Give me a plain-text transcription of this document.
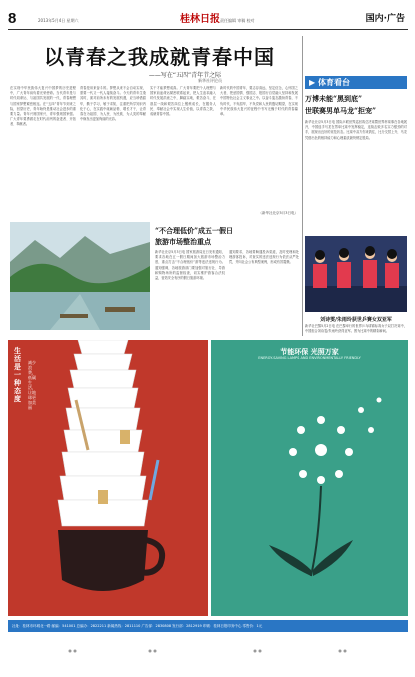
8	2013年5月4日 星期六	桂林日报 责任编辑 审稿 校对	国内·广告
以青春之我成就青春中国
——写在“五四”青年节之际
新华社评论员
在实现中华民族伟大复兴中国梦的历史进程中，广大青年肩负着光荣使命。当代青年是与时代同命运、与祖国共发展的一代，青春理想与国家梦想紧密相连。在“五四”青年节到来之际，回望历史，青年始终是推动社会进步的重要力量。青年兴则国家兴，青年强则国家强。广大青年要勇做走在时代前列的奋进者、开拓者、奉献者。
青春是用来奋斗的。梦想从来不会自动实现，需要一代又一代人接续奋斗。今天的青年生逢其时，面对前所未有的发展机遇，应当珍惜韶华，勤于学习，敏于求知，注重把所学知识内化于心，在实践中砥砺品格、增长才干，让青春在为祖国、为人民、为民族、为人类的奉献中焕发出更加绚丽的光彩。
实干才能梦想成真。广大青年要把个人理想与国家前途命运紧密联系起来，把人生追求融入时代发展洪流之中，脚踏实地，艰苦奋斗，在基层一线和艰苦岗位上锻炼成长，在服务人民、奉献社会中实现人生价值，以青春之我，成就青春中国。
新时代的中国青年，要志存高远，坚定信念，心怀国之大者，把爱国情、强国志、报国行自觉融入坚持和发展中国特色社会主义事业之中。以奋斗姿态激扬青春，不负时代，不负韶华，不负党和人民的殷切期望，在实现中华民族伟大复兴的征程中书写无愧于时代的青春篇章。
（新华社北京5月3日电）
▶ 体育看台
万博未能“黑到底”
世联赛男单马龙“拒宠”
新华社北京5月3日电 国际乒联世界巡回赛总决赛暨世界杯赛事在各地展开，中国选手马龙在男单比赛中发挥稳定，连续击败多名实力强劲的对手，展现出良好的竞技状态。比赛中双方你来我往，比分交替上升，马龙凭借出色的相持能力和心理素质最终锁定胜局。
刘诗雯/朱雨玲获世乒赛女双亚军
新华社巴黎5月2日电 在巴黎举行的世界乒乓球锦标赛女子双打决赛中，中国组合刘诗雯/朱雨玲获得亚军。图为比赛中的精彩瞬间。
“不合理低价”成五一假日
旅游市场整治重点
新华社北京5月3日电 国家旅游局近日发布通知，要求各地在五一假日期间加大旅游市场整治力度，重点打击“不合理低价”游等违法违规行为。通知强调，各地旅游部门要加强对旅行社、导游和购物场所的监督检查，切实维护游客合法权益，营造安全有序的假日旅游环境。
通知要求，各地要畅通投诉渠道，及时受理和处理游客投诉，对查实的违法违规行为依法从严处罚，并向社会公布典型案例，形成有效震慑。
生活是一种态度
减少浪费，低碳生活，让地球更加美丽
节能环保 光照万家
ENERGY-SAVING LAMPS AND ENVIRONMENTALLY FRIENDLY
社址：桂林市环城北一路 邮编：541001 总编办：2822211 新闻热线：2811110 广告部：2830808 发行部：2812919 印刷：桂林日报印务中心 零售价：1元
